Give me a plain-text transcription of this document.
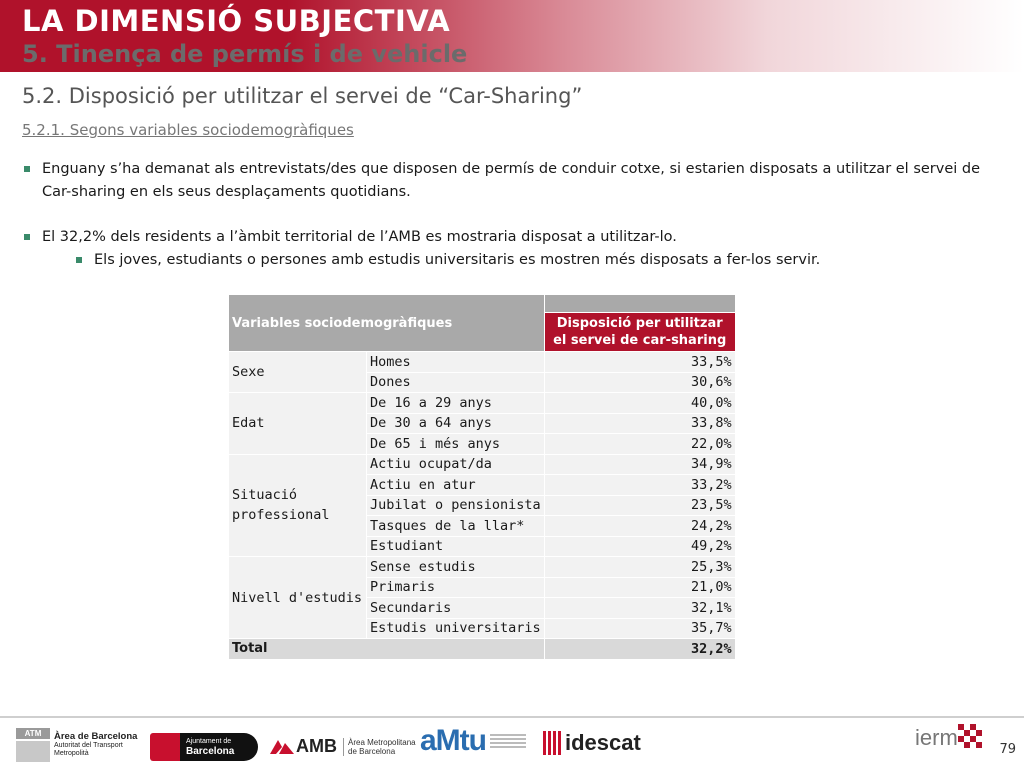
LA DIMENSIÓ SUBJECTIVA
5. Tinença de permís i de vehicle
5.2. Disposició per utilitzar el servei de “Car-Sharing”
5.2.1. Segons variables sociodemogràfiques
Enguany s’ha demanat als entrevistats/des que disposen de permís de conduir cotxe, si estarien disposats a utilitzar el servei de Car-sharing en els seus desplaçaments quotidians.
El 32,2% dels residents a l’àmbit territorial de l’AMB es mostraria disposat a utilitzar-lo.
Els joves, estudiants o persones amb estudis universitaris es mostren més disposats a fer-los servir.
Variables sociodemogràfiques		
		Disposició per utilitzar el servei de car-sharing
Sexe	Homes	33,5%
	Dones	30,6%
Edat	De 16 a 29 anys	40,0%
	De 30 a 64 anys	33,8%
	De 65 i més anys	22,0%
Situació professional	Actiu ocupat/da	34,9%
	Actiu en atur	33,2%
	Jubilat o pensionista	23,5%
	Tasques de la llar*	24,2%
	Estudiant	49,2%
Nivell d'estudis	Sense estudis	25,3%
	Primaris	21,0%
	Secundaris	32,1%
	Estudis universitaris	35,7%
Total		32,2%
ATM	Àrea de Barcelona
Autoritat del Transport
Metropolità
Ajuntament de
Barcelona	AMB Àrea Metropolitana
de Barcelona aMtu	idescat	ierm	79
